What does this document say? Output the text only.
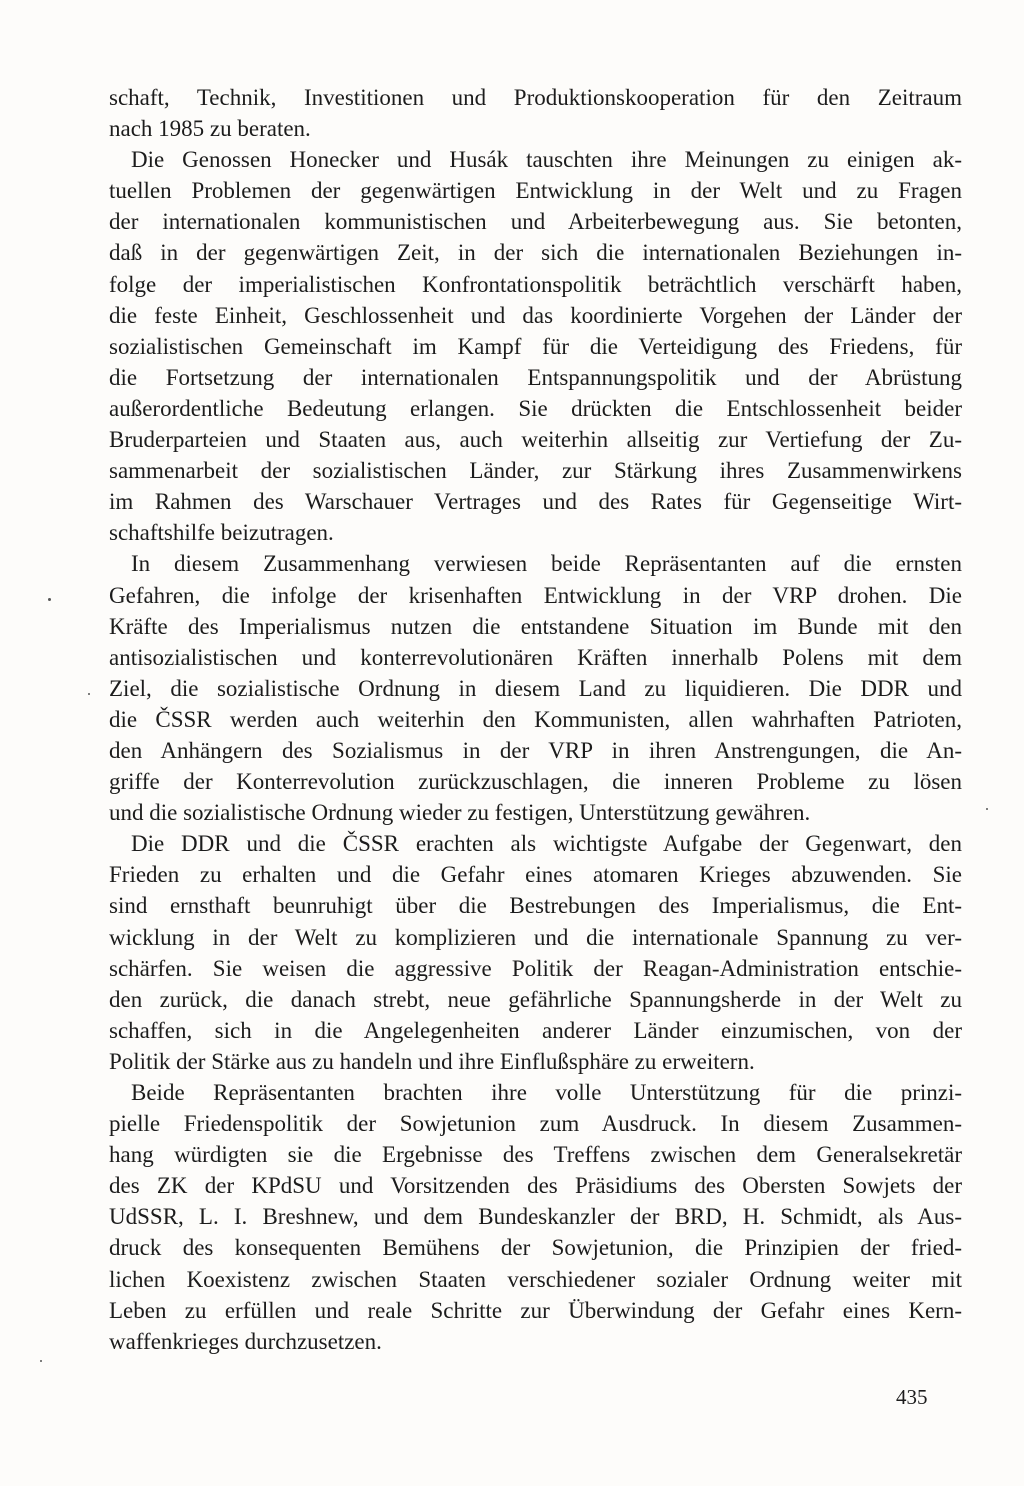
schaft, Technik, Investitionen und Produktionskooperation für den Zeitraum
nach 1985 zu beraten.
Die Genossen Honecker und Husák tauschten ihre Meinungen zu einigen ak-
tuellen Problemen der gegenwärtigen Entwicklung in der Welt und zu Fragen
der internationalen kommunistischen und Arbeiterbewegung aus. Sie betonten,
daß in der gegenwärtigen Zeit, in der sich die internationalen Beziehungen in-
folge der imperialistischen Konfrontationspolitik beträchtlich verschärft haben,
die feste Einheit, Geschlossenheit und das koordinierte Vorgehen der Länder der
sozialistischen Gemeinschaft im Kampf für die Verteidigung des Friedens, für
die Fortsetzung der internationalen Entspannungspolitik und der Abrüstung
außerordentliche Bedeutung erlangen. Sie drückten die Entschlossenheit beider
Bruderparteien und Staaten aus, auch weiterhin allseitig zur Vertiefung der Zu-
sammenarbeit der sozialistischen Länder, zur Stärkung ihres Zusammenwirkens
im Rahmen des Warschauer Vertrages und des Rates für Gegenseitige Wirt-
schaftshilfe beizutragen.
In diesem Zusammenhang verwiesen beide Repräsentanten auf die ernsten
Gefahren, die infolge der krisenhaften Entwicklung in der VRP drohen. Die
Kräfte des Imperialismus nutzen die entstandene Situation im Bunde mit den
antisozialistischen und konterrevolutionären Kräften innerhalb Polens mit dem
Ziel, die sozialistische Ordnung in diesem Land zu liquidieren. Die DDR und
die ČSSR werden auch weiterhin den Kommunisten, allen wahrhaften Patrioten,
den Anhängern des Sozialismus in der VRP in ihren Anstrengungen, die An-
griffe der Konterrevolution zurückzuschlagen, die inneren Probleme zu lösen
und die sozialistische Ordnung wieder zu festigen, Unterstützung gewähren.
Die DDR und die ČSSR erachten als wichtigste Aufgabe der Gegenwart, den
Frieden zu erhalten und die Gefahr eines atomaren Krieges abzuwenden. Sie
sind ernsthaft beunruhigt über die Bestrebungen des Imperialismus, die Ent-
wicklung in der Welt zu komplizieren und die internationale Spannung zu ver-
schärfen. Sie weisen die aggressive Politik der Reagan-Administration entschie-
den zurück, die danach strebt, neue gefährliche Spannungsherde in der Welt zu
schaffen, sich in die Angelegenheiten anderer Länder einzumischen, von der
Politik der Stärke aus zu handeln und ihre Einflußsphäre zu erweitern.
Beide Repräsentanten brachten ihre volle Unterstützung für die prinzi-
pielle Friedenspolitik der Sowjetunion zum Ausdruck. In diesem Zusammen-
hang würdigten sie die Ergebnisse des Treffens zwischen dem Generalsekretär
des ZK der KPdSU und Vorsitzenden des Präsidiums des Obersten Sowjets der
UdSSR, L. I. Breshnew, und dem Bundeskanzler der BRD, H. Schmidt, als Aus-
druck des konsequenten Bemühens der Sowjetunion, die Prinzipien der fried-
lichen Koexistenz zwischen Staaten verschiedener sozialer Ordnung weiter mit
Leben zu erfüllen und reale Schritte zur Überwindung der Gefahr eines Kern-
waffenkrieges durchzusetzen.
435
